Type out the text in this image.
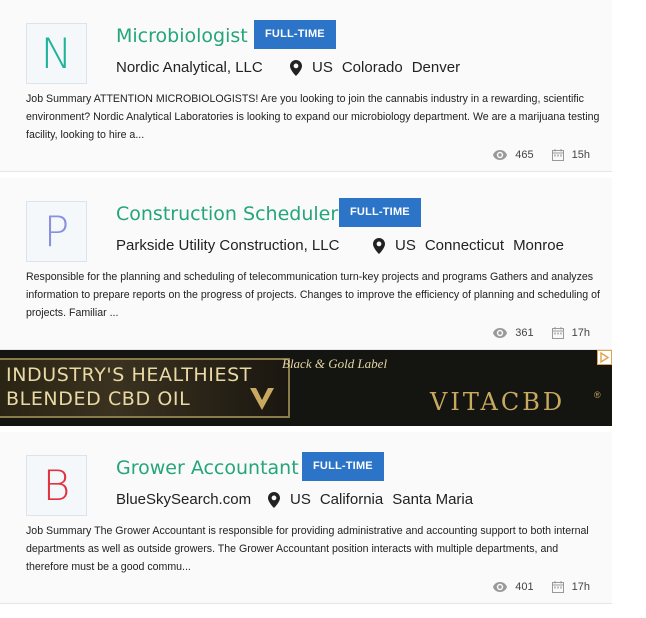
N Microbiologist	FULL-TIME
Nordic Analytical, LLC	US Colorado Denver
Job Summary ATTENTION MICROBIOLOGISTS! Are you looking to join the cannabis industry in a rewarding, scientific environment? Nordic Analytical Laboratories is looking to expand our microbiology department. We are a marijuana testing facility, looking to hire a...
465	15h
P Construction Scheduler	FULL-TIME
Parkside Utility Construction, LLC	US Connecticut Monroe
Responsible for the planning and scheduling of telecommunication turn-key projects and programs Gathers and analyzes information to prepare reports on the progress of projects. Changes to improve the efficiency of planning and scheduling of projects. Familiar ...
361	17h
B Grower Accountant	FULL-TIME
BlueSkySearch.com	US California Santa Maria
Job Summary The Grower Accountant is responsible for providing administrative and accounting support to both internal departments as well as outside growers. The Grower Accountant position interacts with multiple departments, and therefore must be a good commu...
401	17h
INDUSTRY'S HEALTHIEST
BLENDED CBD OIL
Black & Gold Label
VITACBD	®
